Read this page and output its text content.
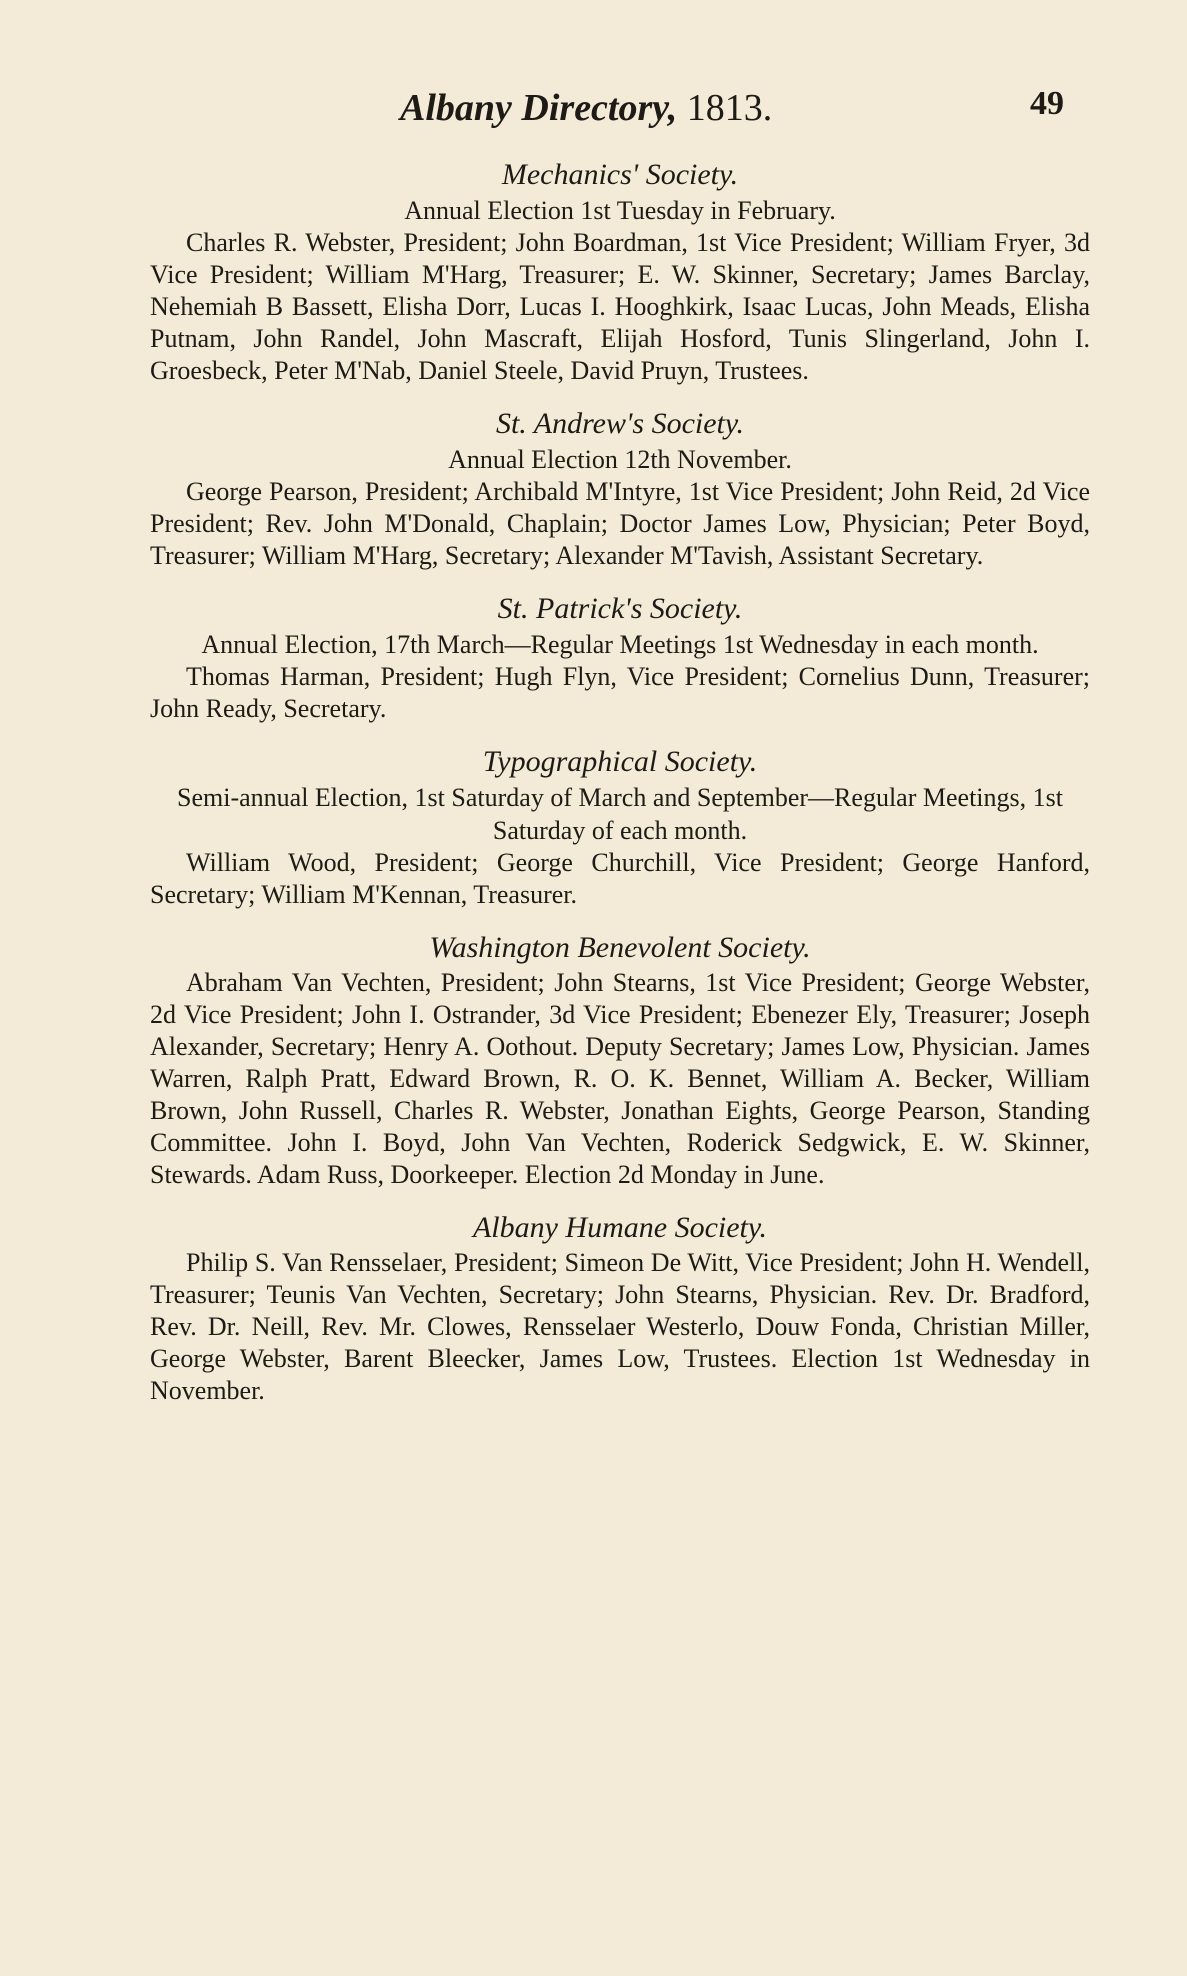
Albany Directory, 1813.	49

Mechanics' Society.

Annual Election 1st Tuesday in February.

Charles R. Webster, President; John Boardman, 1st Vice President; William Fryer, 3d Vice President; William M'Harg, Treasurer; E. W. Skinner, Secretary; James Barclay, Nehemiah B Bassett, Elisha Dorr, Lucas I. Hooghkirk, Isaac Lucas, John Meads, Elisha Putnam, John Randel, John Mascraft, Elijah Hosford, Tunis Slingerland, John I. Groesbeck, Peter M'Nab, Daniel Steele, David Pruyn, Trustees.

St. Andrew's Society.

Annual Election 12th November.

George Pearson, President; Archibald M'Intyre, 1st Vice President; John Reid, 2d Vice President; Rev. John M'Donald, Chaplain; Doctor James Low, Physician; Peter Boyd, Treasurer; William M'Harg, Secretary; Alexander M'Tavish, Assistant Secretary.

St. Patrick's Society.

Annual Election, 17th March—Regular Meetings 1st Wednesday in each month.

Thomas Harman, President; Hugh Flyn, Vice President; Cornelius Dunn, Treasurer; John Ready, Secretary.

Typographical Society.

Semi-annual Election, 1st Saturday of March and September—Regular Meetings, 1st Saturday of each month.

William Wood, President; George Churchill, Vice President; George Hanford, Secretary; William M'Kennan, Treasurer.

Washington Benevolent Society.

Abraham Van Vechten, President; John Stearns, 1st Vice President; George Webster, 2d Vice President; John I. Ostrander, 3d Vice President; Ebenezer Ely, Treasurer; Joseph Alexander, Secretary; Henry A. Oothout. Deputy Secretary; James Low, Physician. James Warren, Ralph Pratt, Edward Brown, R. O. K. Bennet, William A. Becker, William Brown, John Russell, Charles R. Webster, Jonathan Eights, George Pearson, Standing Committee. John I. Boyd, John Van Vechten, Roderick Sedgwick, E. W. Skinner, Stewards. Adam Russ, Doorkeeper. Election 2d Monday in June.

Albany Humane Society.

Philip S. Van Rensselaer, President; Simeon De Witt, Vice President; John H. Wendell, Treasurer; Teunis Van Vechten, Secretary; John Stearns, Physician. Rev. Dr. Bradford, Rev. Dr. Neill, Rev. Mr. Clowes, Rensselaer Westerlo, Douw Fonda, Christian Miller, George Webster, Barent Bleecker, James Low, Trustees. Election 1st Wednesday in November.
